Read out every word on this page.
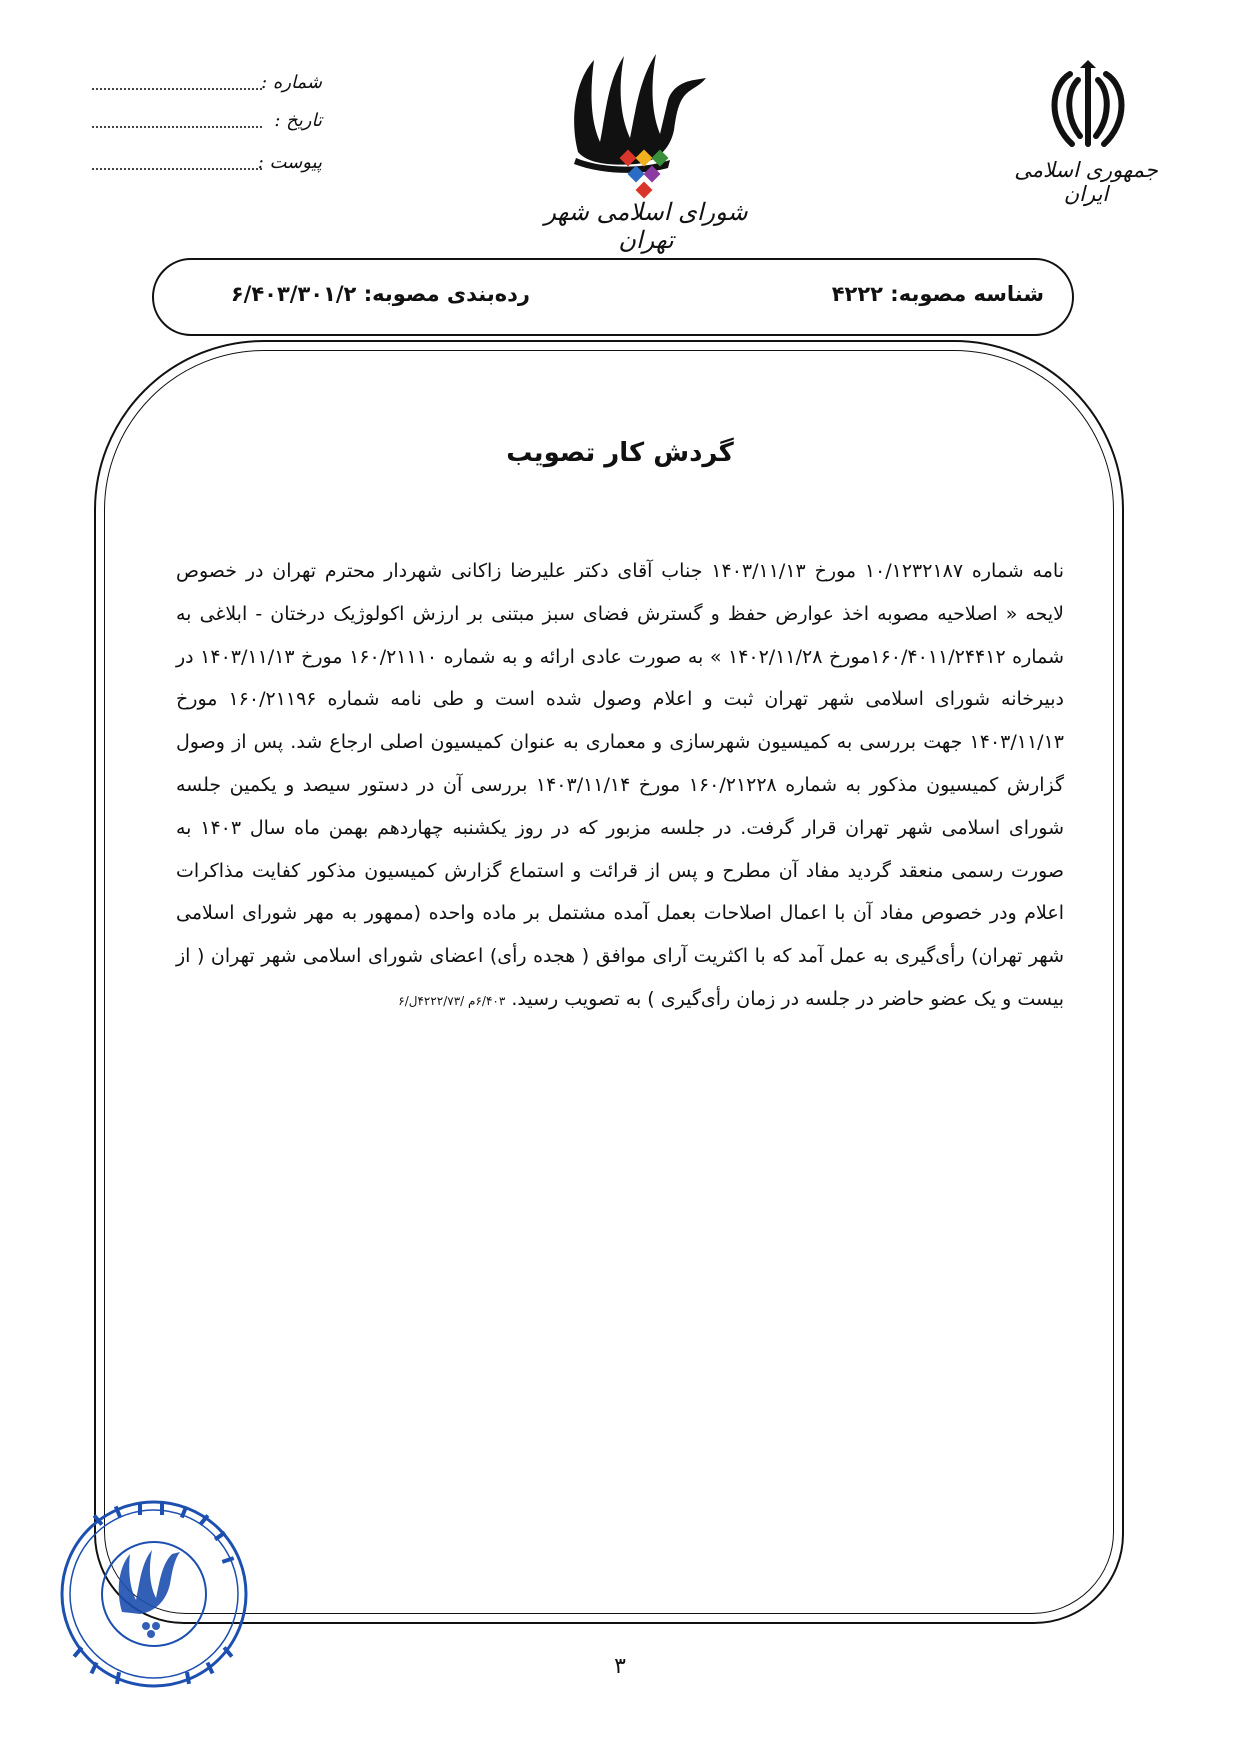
شماره :
تاریخ :
پیوست :
شورای اسلامی شهر تهران
جمهوری اسلامی ایران
شناسه مصوبه: ۴۲۲۲
رده‌بندی مصوبه: ۶/۴۰۳/۳۰۱/۲
گردش کار تصویب
نامه شماره ۱۰/۱۲۳۲۱۸۷ مورخ ۱۴۰۳/۱۱/۱۳ جناب آقای دکتر علیرضا زاکانی شهردار محترم تهران در خصوص لایحه « اصلاحیه مصوبه اخذ عوارض حفظ و گسترش فضای سبز مبتنی بر ارزش اکولوژیک درختان - ابلاغی به شماره ۱۶۰/۴۰۱۱/۲۴۴۱۲مورخ ۱۴۰۲/۱۱/۲۸ » به صورت عادی ارائه و به شماره ۱۶۰/۲۱۱۱۰ مورخ ۱۴۰۳/۱۱/۱۳ در دبیرخانه شورای اسلامی شهر تهران ثبت و اعلام وصول شده است و طی نامه شماره ۱۶۰/۲۱۱۹۶ مورخ ۱۴۰۳/۱۱/۱۳ جهت بررسی به کمیسیون شهرسازی و معماری به عنوان کمیسیون اصلی ارجاع شد. پس از وصول گزارش کمیسیون مذکور به شماره ۱۶۰/۲۱۲۲۸ مورخ ۱۴۰۳/۱۱/۱۴ بررسی آن در دستور سیصد و یکمین جلسه شورای اسلامی شهر تهران قرار گرفت. در جلسه مزبور که در روز یکشنبه چهاردهم بهمن ماه سال ۱۴۰۳ به صورت رسمی منعقد گردید مفاد آن مطرح و پس از قرائت و استماع گزارش کمیسیون مذکور کفایت مذاکرات اعلام ودر خصوص مفاد آن با اعمال اصلاحات بعمل آمده مشتمل بر ماده واحده (ممهور به مهر شورای اسلامی شهر تهران) رأی‌گیری به عمل آمد که با اکثریت آرای موافق ( هجده رأی) اعضای شورای اسلامی شهر تهران ( از بیست و یک عضو حاضر در جلسه در زمان رأی‌گیری ) به تصویب رسید. ۶/۴۰۳م /۴۲۲۲/۷۳ل/۶
۳
